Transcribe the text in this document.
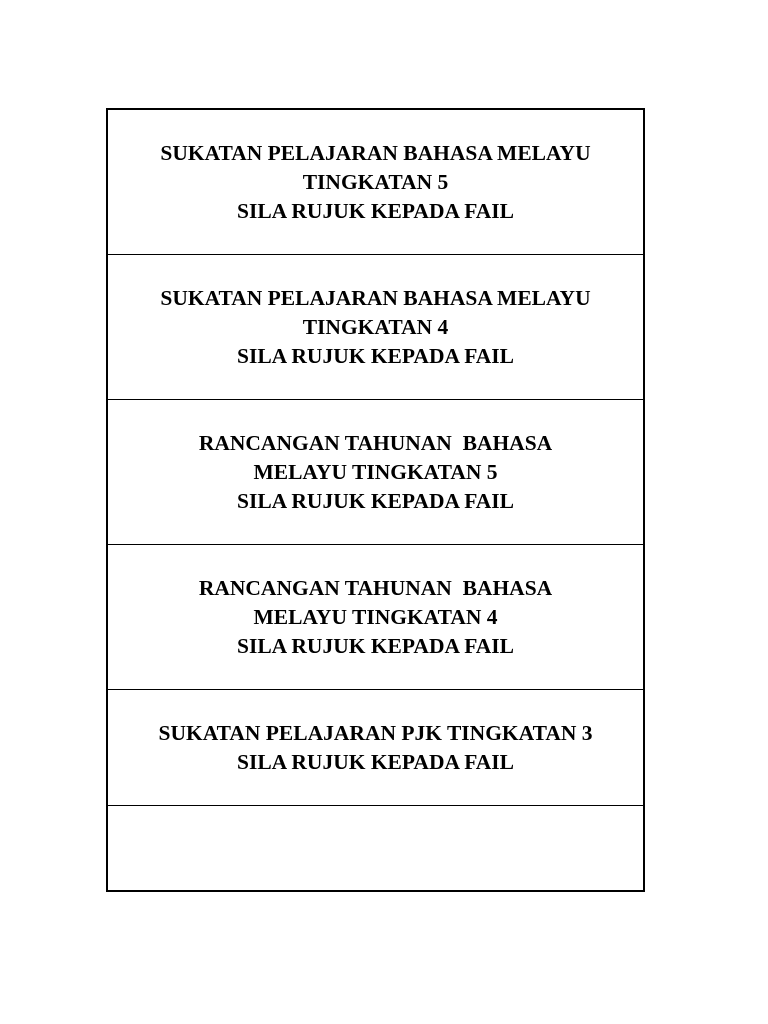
SUKATAN PELAJARAN BAHASA MELAYU
TINGKATAN 5
SILA RUJUK KEPADA FAIL
SUKATAN PELAJARAN BAHASA MELAYU
TINGKATAN 4
SILA RUJUK KEPADA FAIL
RANCANGAN TAHUNAN  BAHASA
MELAYU TINGKATAN 5
SILA RUJUK KEPADA FAIL
RANCANGAN TAHUNAN  BAHASA
MELAYU TINGKATAN 4
SILA RUJUK KEPADA FAIL
SUKATAN PELAJARAN PJK TINGKATAN 3
SILA RUJUK KEPADA FAIL
